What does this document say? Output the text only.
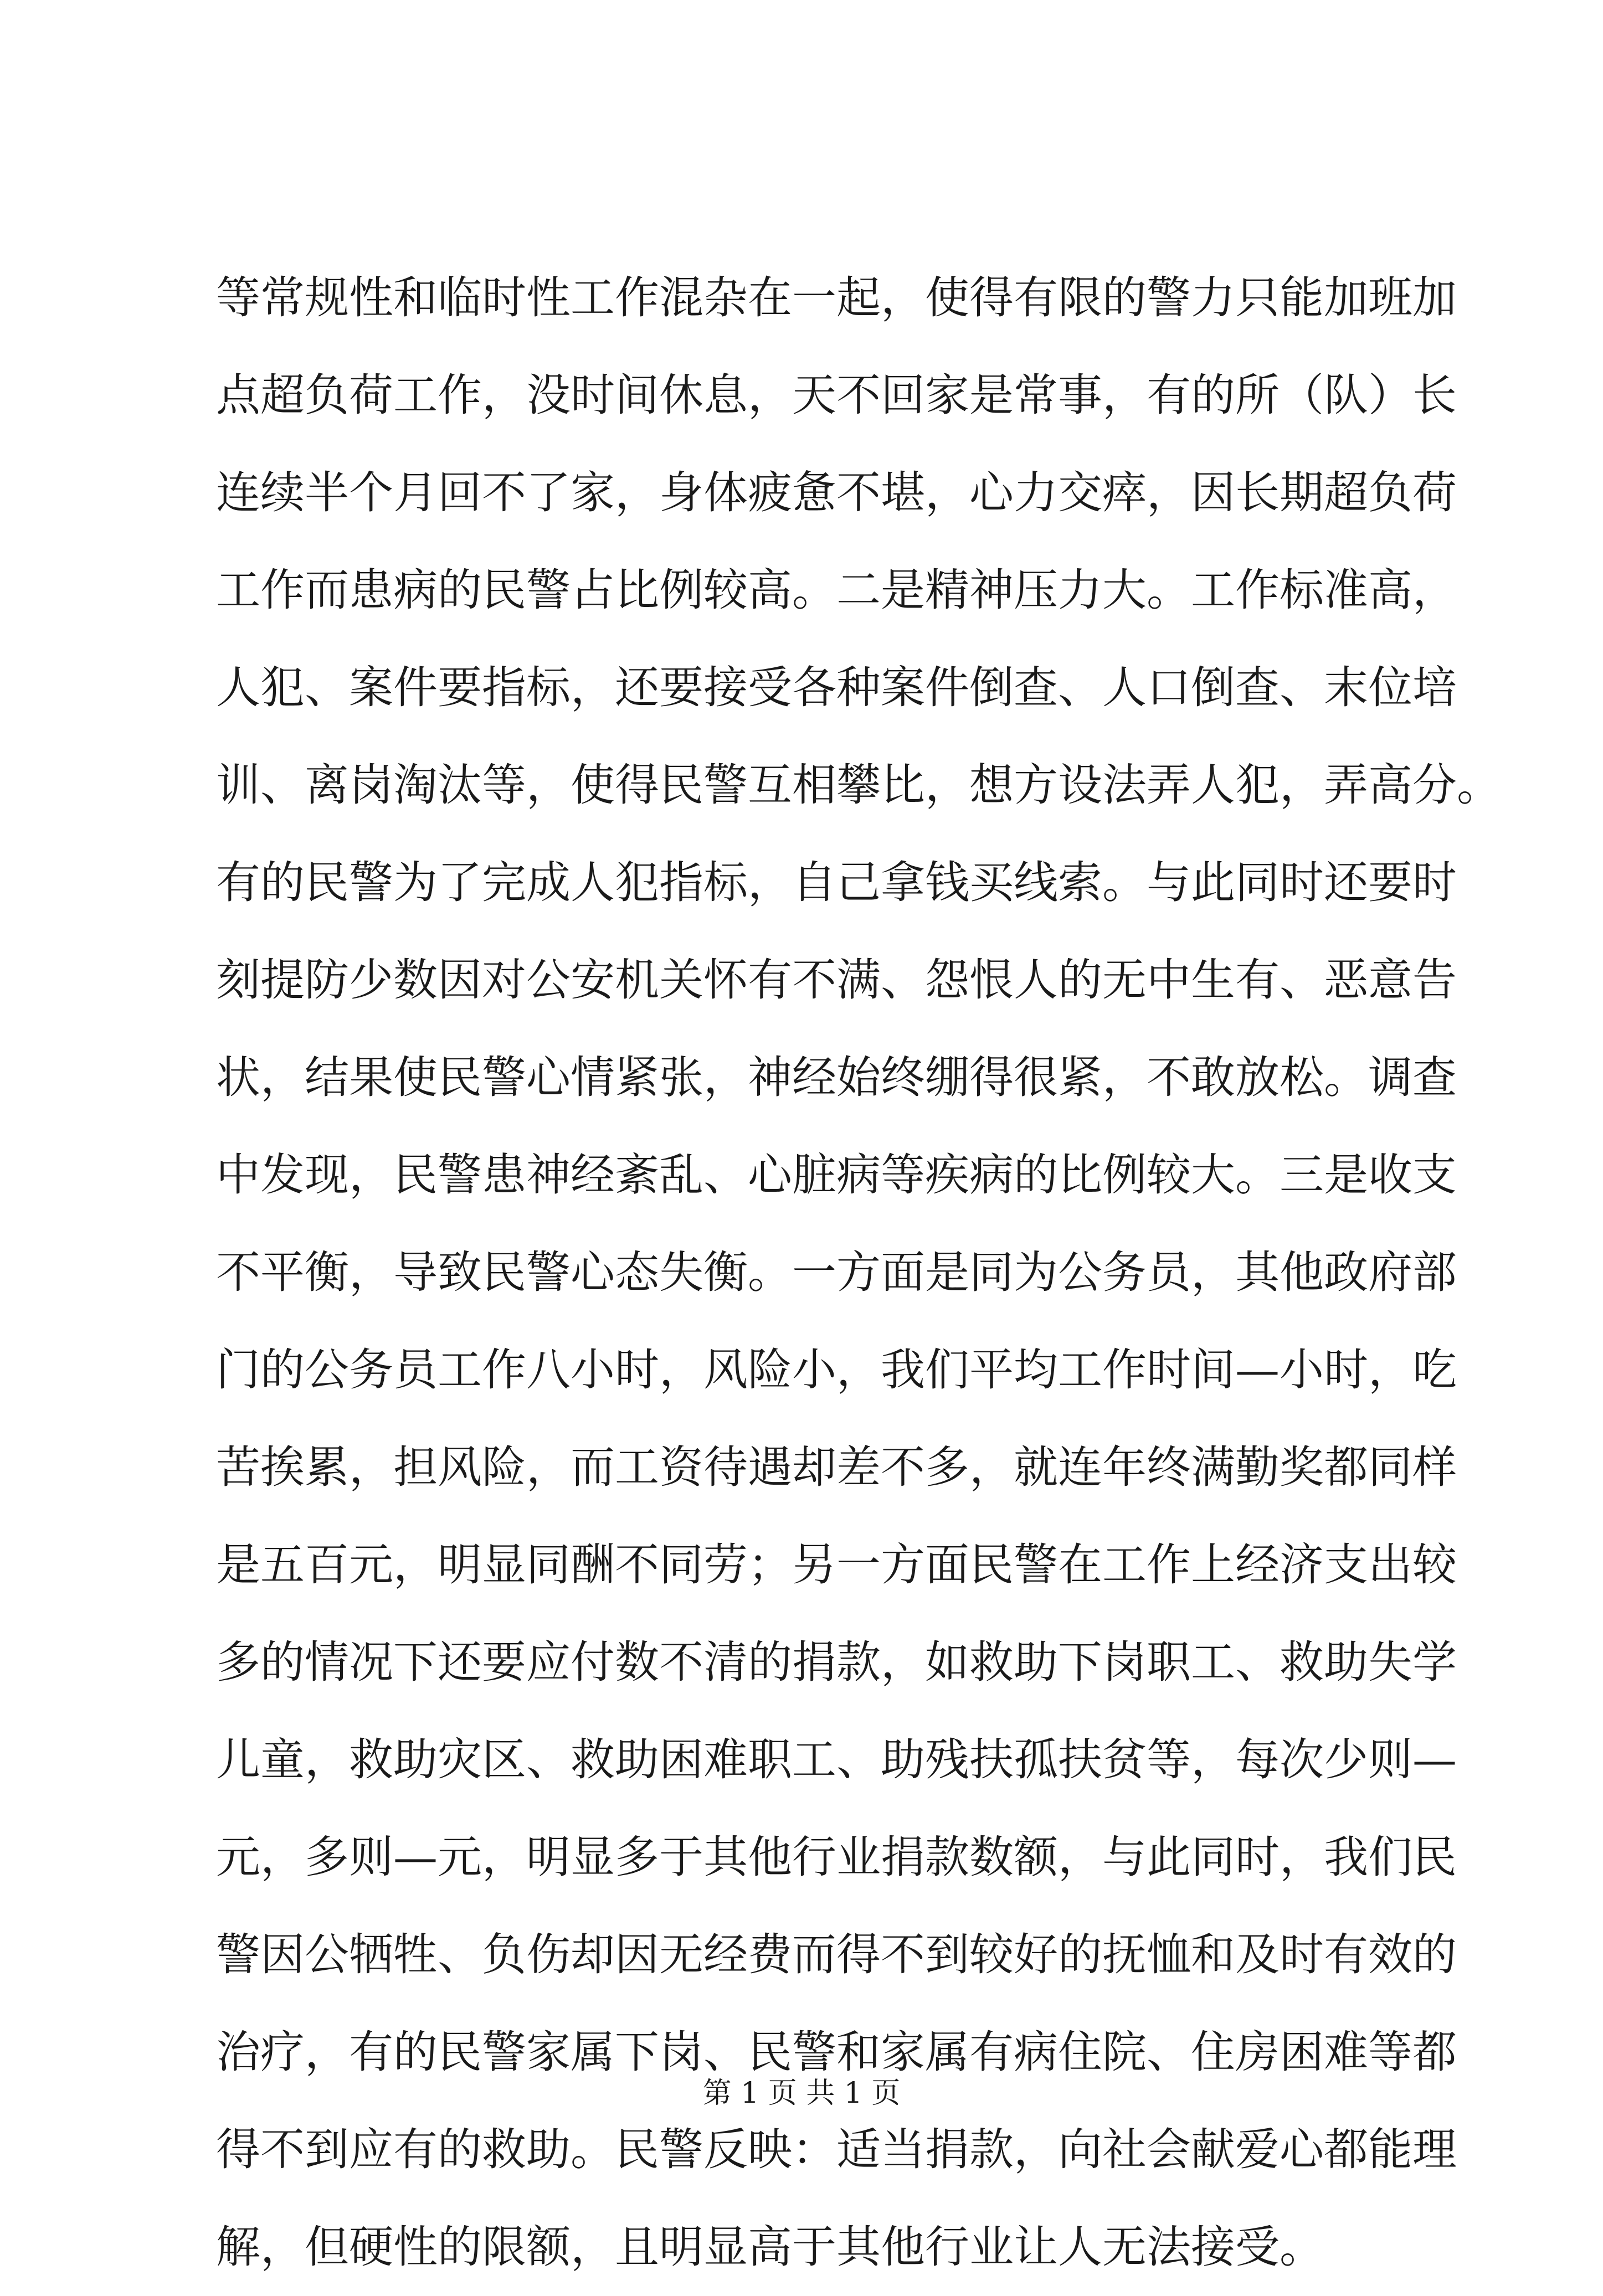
等常规性和临时性工作混杂在一起，使得有限的警力只能加班加
点超负荷工作，没时间休息，天不回家是常事，有的所（队）长
连续半个月回不了家，身体疲惫不堪，心力交瘁，因长期超负荷
工作而患病的民警占比例较高。二是精神压力大。工作标准高，
人犯、案件要指标，还要接受各种案件倒查、人口倒查、末位培
训、离岗淘汰等，使得民警互相攀比，想方设法弄人犯，弄高分。
有的民警为了完成人犯指标，自己拿钱买线索。与此同时还要时
刻提防少数因对公安机关怀有不满、怨恨人的无中生有、恶意告
状，结果使民警心情紧张，神经始终绷得很紧，不敢放松。调查
中发现，民警患神经紊乱、心脏病等疾病的比例较大。三是收支
不平衡，导致民警心态失衡。一方面是同为公务员，其他政府部
门的公务员工作八小时，风险小，我们平均工作时间—小时，吃
苦挨累，担风险，而工资待遇却差不多，就连年终满勤奖都同样
是五百元，明显同酬不同劳；另一方面民警在工作上经济支出较
多的情况下还要应付数不清的捐款，如救助下岗职工、救助失学
儿童，救助灾区、救助困难职工、助残扶孤扶贫等，每次少则—
元，多则—元，明显多于其他行业捐款数额，与此同时，我们民
警因公牺牲、负伤却因无经费而得不到较好的抚恤和及时有效的
治疗，有的民警家属下岗、民警和家属有病住院、住房困难等都
得不到应有的救助。民警反映：适当捐款，向社会献爱心都能理
解，但硬性的限额，且明显高于其他行业让人无法接受。
第 1 页 共 1 页
